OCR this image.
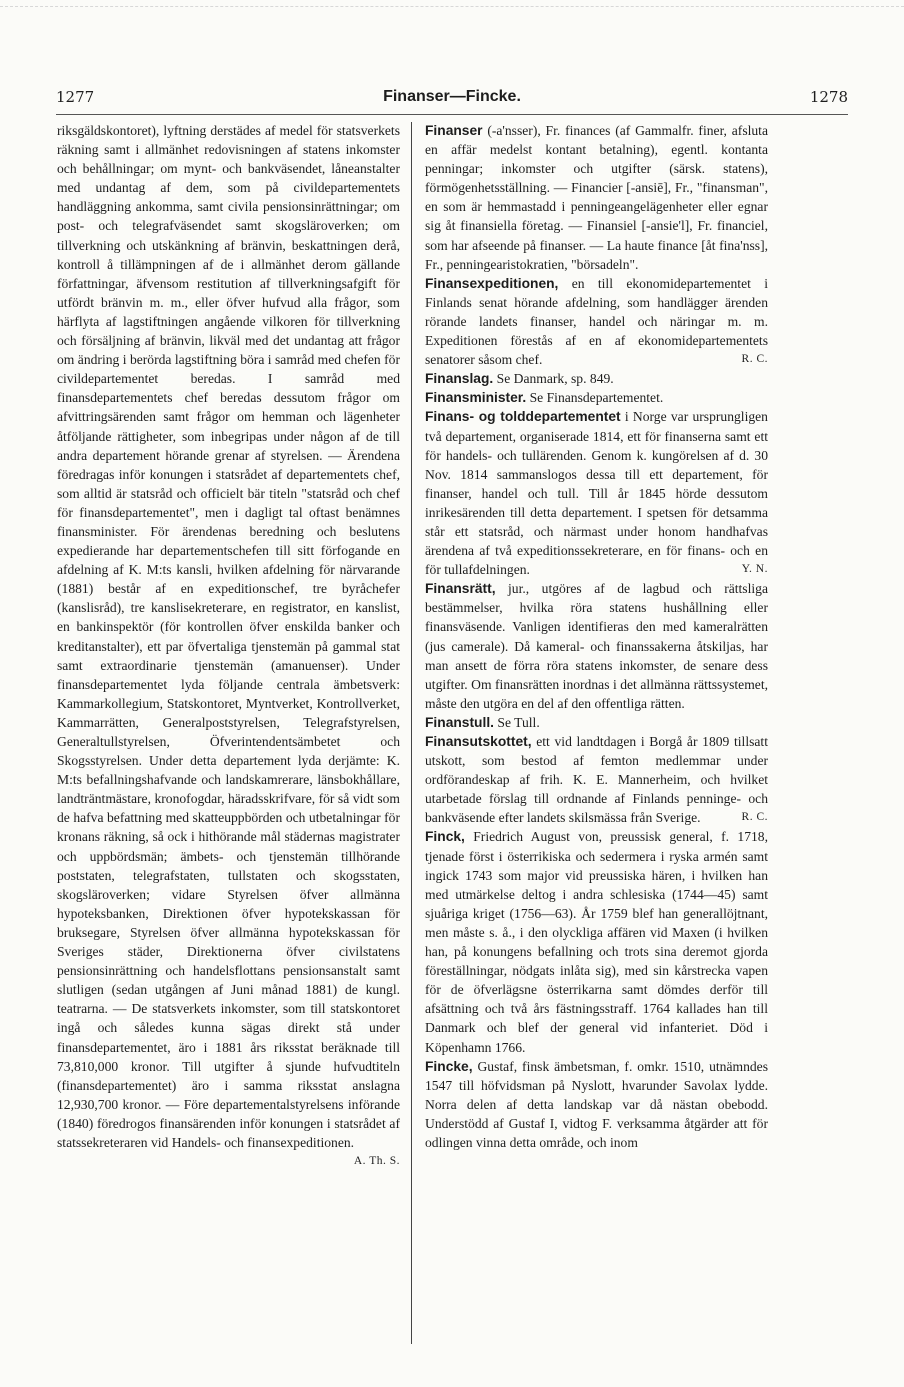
1277	Finanser—Fincke.	1278

riksgäldskontoret), lyftning derstädes af medel för statsverkets räkning samt i allmänhet redovisningen af statens inkomster och behållningar; om mynt- och bankväsendet, låneanstalter med undantag af dem, som på civildepartementets handläggning ankomma, samt civila pensionsinrättningar; om post- och telegrafväsendet samt skogsläroverken; om tillverkning och utskänkning af bränvin, beskattningen derå, kontroll å tillämpningen af de i allmänhet derom gällande författningar, äfvensom restitution af tillverkningsafgift för utfördt bränvin m. m., eller öfver hufvud alla frågor, som härflyta af lagstiftningen angående vilkoren för tillverkning och försäljning af bränvin, likväl med det undantag att frågor om ändring i berörda lagstiftning böra i samråd med chefen för civildepartementet beredas. I samråd med finansdepartementets chef beredas dessutom frågor om afvittringsärenden samt frågor om hemman och lägenheter åtföljande rättigheter, som inbegripas under någon af de till andra departement hörande grenar af styrelsen. — Ärendena föredragas inför konungen i statsrådet af departementets chef, som alltid är statsråd och officielt bär titeln "statsråd och chef för finansdepartementet", men i dagligt tal oftast benämnes finansminister. För ärendenas beredning och beslutens expedierande har departementschefen till sitt förfogande en afdelning af K. M:ts kansli, hvilken afdelning för närvarande (1881) består af en expeditionschef, tre byråchefer (kanslisråd), tre kanslisekreterare, en registrator, en kanslist, en bankinspektör (för kontrollen öfver enskilda banker och kreditanstalter), ett par öfvertaliga tjenstemän på gammal stat samt extraordinarie tjenstemän (amanuenser). Under finansdepartementet lyda följande centrala ämbetsverk: Kammarkollegium, Statskontoret, Myntverket, Kontrollverket, Kammarrätten, Generalpoststyrelsen, Telegrafstyrelsen, Generaltullstyrelsen, Öfverintendentsämbetet och Skogsstyrelsen. Under detta departement lyda derjämte: K. M:ts befallningshafvande och landskamrerare, länsbokhållare, landträntmästare, kronofogdar, häradsskrifvare, för så vidt som de hafva befattning med skatteuppbörden och utbetalningar för kronans räkning, så ock i hithörande mål städernas magistrater och uppbördsmän; ämbets- och tjenstemän tillhörande poststaten, telegrafstaten, tullstaten och skogsstaten, skogsläroverken; vidare Styrelsen öfver allmänna hypoteksbanken, Direktionen öfver hypotekskassan för bruksegare, Styrelsen öfver allmänna hypotekskassan för Sveriges städer, Direktionerna öfver civilstatens pensionsinrättning och handelsflottans pensionsanstalt samt slutligen (sedan utgången af Juni månad 1881) de kungl. teatrarna. — De statsverkets inkomster, som till statskontoret ingå och således kunna sägas direkt stå under finansdepartementet, äro i 1881 års riksstat beräknade till 73,810,000 kronor. Till utgifter å sjunde hufvudtiteln (finansdepartementet) äro i samma riksstat anslagna 12,930,700 kronor. — Före departementalstyrelsens införande (1840) föredrogos finansärenden inför konungen i statsrådet af statssekreteraren vid Handels- och finansexpeditionen.
A. Th. S.

Finanser (-a'nsser), Fr. finances (af Gammalfr. finer, afsluta en affär medelst kontant betalning), egentl. kontanta penningar; inkomster och utgifter (särsk. statens), förmögenhetsställning. — Financier [-ansiē], Fr., "finansman", en som är hemmastadd i penningeangelägenheter eller egnar sig åt finansiella företag. — Finansiel [-ansie'l], Fr. financiel, som har afseende på finanser. — La haute finance [åt fina'nss], Fr., penningearistokratien, "börsadeln".

Finansexpeditionen, en till ekonomidepartementet i Finlands senat hörande afdelning, som handlägger ärenden rörande landets finanser, handel och näringar m. m. Expeditionen förestås af en af ekonomidepartementets senatorer såsom chef.	R. C.

Finanslag. Se Danmark, sp. 849.

Finansminister. Se Finansdepartementet.

Finans- og tolddepartementet i Norge var ursprungligen två departement, organiserade 1814, ett för finanserna samt ett för handels- och tullärenden. Genom k. kungörelsen af d. 30 Nov. 1814 sammanslogos dessa till ett departement, för finanser, handel och tull. Till år 1845 hörde dessutom inrikesärenden till detta departement. I spetsen för detsamma står ett statsråd, och närmast under honom handhafvas ärendena af två expeditionssekreterare, en för finans- och en för tullafdelningen.	Y. N.

Finansrätt, jur., utgöres af de lagbud och rättsliga bestämmelser, hvilka röra statens hushållning eller finansväsende. Vanligen identifieras den med kameralrätten (jus camerale). Då kameral- och finanssakerna åtskiljas, har man ansett de förra röra statens inkomster, de senare dess utgifter. Om finansrätten inordnas i det allmänna rättssystemet, måste den utgöra en del af den offentliga rätten.

Finanstull. Se Tull.

Finansutskottet, ett vid landtdagen i Borgå år 1809 tillsatt utskott, som bestod af femton medlemmar under ordförandeskap af frih. K. E. Mannerheim, och hvilket utarbetade förslag till ordnande af Finlands penninge- och bankväsende efter landets skilsmässa från Sverige.	R. C.

Finck, Friedrich August von, preussisk general, f. 1718, tjenade först i österrikiska och sedermera i ryska armén samt ingick 1743 som major vid preussiska hären, i hvilken han med utmärkelse deltog i andra schlesiska (1744—45) samt sjuåriga kriget (1756—63). År 1759 blef han generallöjtnant, men måste s. å., i den olyckliga affären vid Maxen (i hvilken han, på konungens befallning och trots sina deremot gjorda föreställningar, nödgats inlåta sig), med sin kårstrecka vapen för de öfverlägsne österrikarna samt dömdes derför till afsättning och två års fästningsstraff. 1764 kallades han till Danmark och blef der general vid infanteriet. Död i Köpenhamn 1766.

Fincke, Gustaf, finsk ämbetsman, f. omkr. 1510, utnämndes 1547 till höfvidsman på Nyslott, hvarunder Savolax lydde. Norra delen af detta landskap var då nästan obebodd. Understödd af Gustaf I, vidtog F. verksamma åtgärder att för odlingen vinna detta område, och inom
